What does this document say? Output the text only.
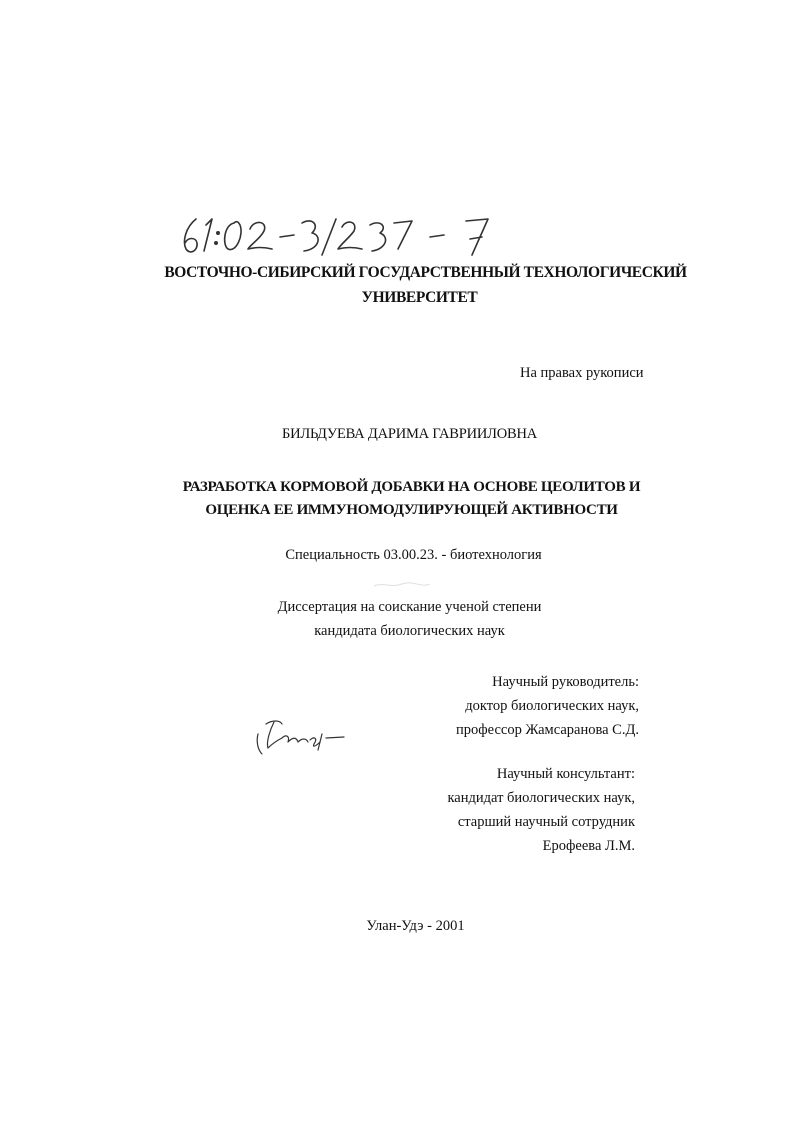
ВОСТОЧНО-СИБИРСКИЙ ГОСУДАРСТВЕННЫЙ ТЕХНОЛОГИЧЕСКИЙ
УНИВЕРСИТЕТ
На правах рукописи
БИЛЬДУЕВА ДАРИМА ГАВРИИЛОВНА
РАЗРАБОТКА КОРМОВОЙ ДОБАВКИ НА ОСНОВЕ ЦЕОЛИТОВ И
ОЦЕНКА ЕЕ ИММУНОМОДУЛИРУЮЩЕЙ АКТИВНОСТИ
Специальность 03.00.23. - биотехнология
Диссертация на соискание ученой степени
кандидата биологических наук
Научный руководитель:
доктор биологических наук,
профессор Жамсаранова С.Д.
Научный консультант:
кандидат биологических наук,
старший научный сотрудник
Ерофеева Л.М.
Улан-Удэ - 2001
